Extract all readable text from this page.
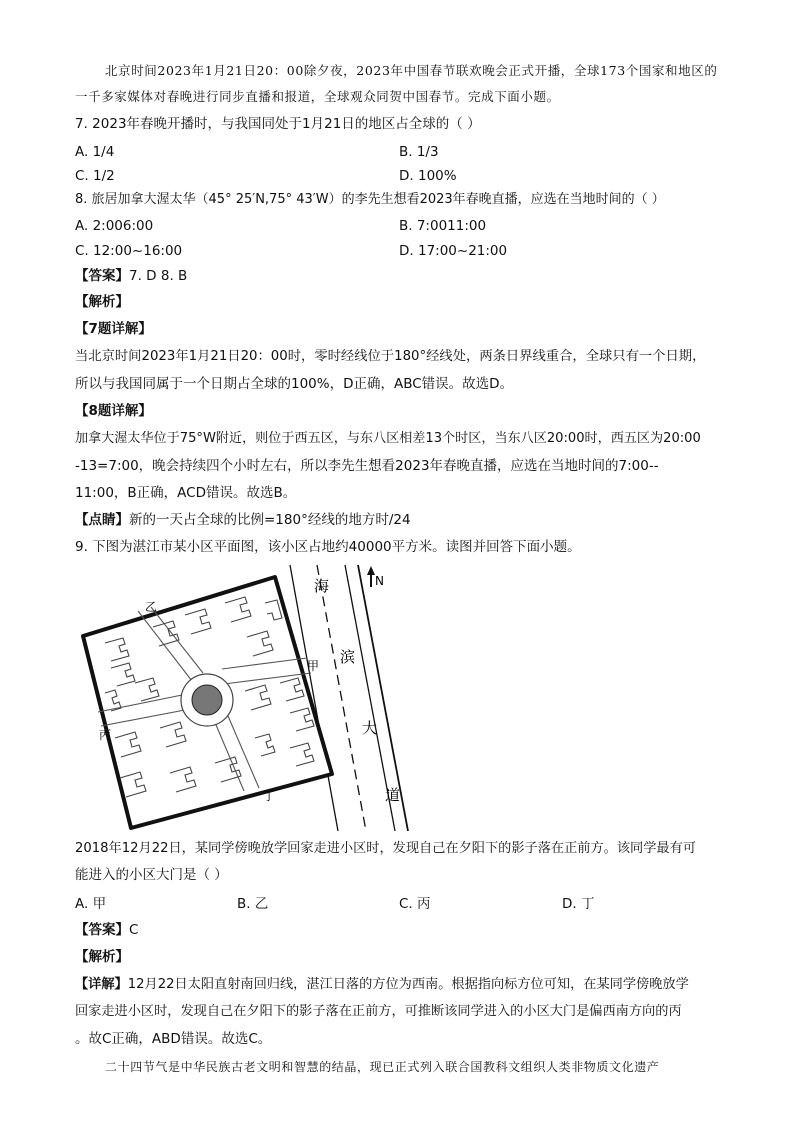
北京时间2023年1月21日20：00除夕夜，2023年中国春节联欢晚会正式开播，全球173个国家和地区的
一千多家媒体对春晚进行同步直播和报道，全球观众同贺中国春节。完成下面小题。
7. 2023年春晚开播时，与我国同处于1月21日的地区占全球的（ ）
A. 1/4	B. 1/3
C. 1/2	D. 100%
8. 旅居加拿大渥太华（45° 25′N,75° 43′W）的李先生想看2023年春晚直播，应选在当地时间的（ ）
A. 2:006:00	B. 7:0011:00
C. 12:00~16:00	D. 17:00~21:00
【答案】7. D 8. B
【解析】
【7题详解】
当北京时间2023年1月21日20：00时，零时经线位于180°经线处，两条日界线重合，全球只有一个日期，
所以与我国同属于一个日期占全球的100%，D正确，ABC错误。故选D。
【8题详解】
加拿大渥太华位于75°W附近，则位于西五区，与东八区相差13个时区，当东八区20:00时，西五区为20:00
-13=7:00，晚会持续四个小时左右，所以李先生想看2023年春晚直播，应选在当地时间的7:00--
11:00，B正确，ACD错误。故选B。
【点睛】新的一天占全球的比例=180°经线的地方时/24
9. 下图为湛江市某小区平面图，该小区占地约40000平方米。读图并回答下面小题。
N
海
滨
大
道
乙
甲
丙
丁
2018年12月22日，某同学傍晚放学回家走进小区时，发现自己在夕阳下的影子落在正前方。该同学最有可
能进入的小区大门是（ ）
A. 甲	B. 乙	C. 丙	D. 丁
【答案】C
【解析】
【详解】12月22日太阳直射南回归线，湛江日落的方位为西南。根据指向标方位可知，在某同学傍晚放学
回家走进小区时，发现自己在夕阳下的影子落在正前方，可推断该同学进入的小区大门是偏西南方向的丙
。故C正确，ABD错误。故选C。
二十四节气是中华民族古老文明和智慧的结晶，现已正式列入联合国教科文组织人类非物质文化遗产
